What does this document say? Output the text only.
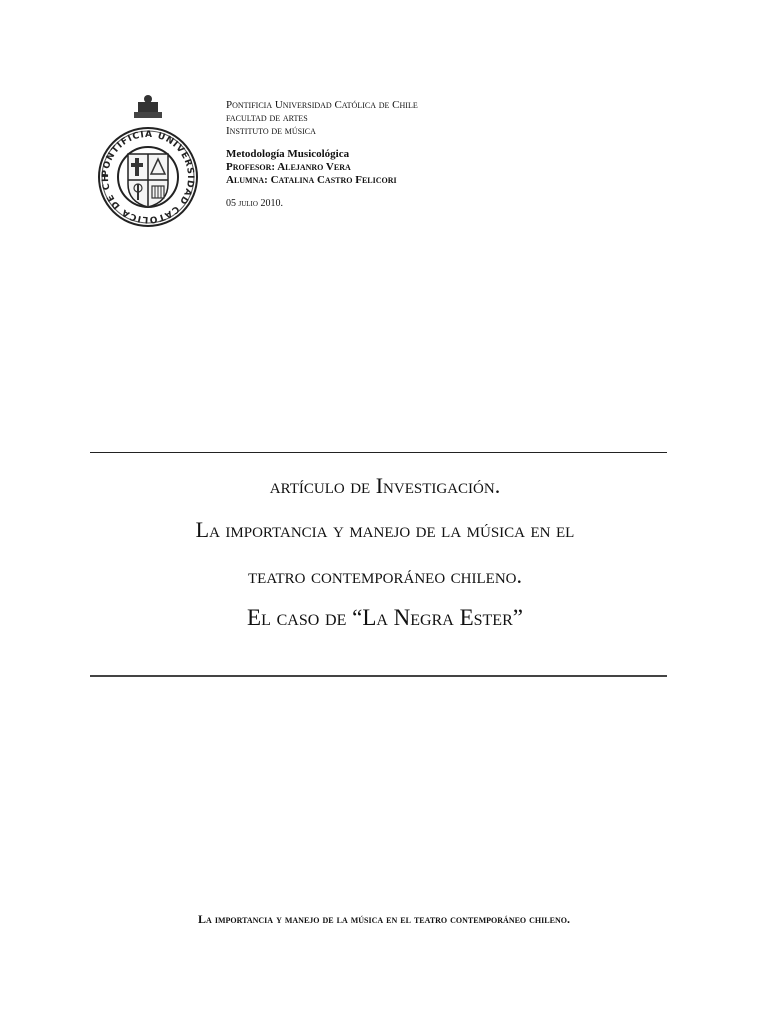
PONTIFICIA UNIVERSIDAD CATOLICA DE CH
Pontificia Universidad Católica de Chile
facultad de artes
Instituto de música
Metodología Musicológica
Profesor: Alejanro Vera
Alumna: Catalina Castro Felicori
05 julio 2010.
artículo de Investigación.
La importancia y manejo de la música en el
teatro contemporáneo chileno.
El caso de “La Negra Ester”
La importancia y manejo de la música en el teatro contemporáneo chileno.
